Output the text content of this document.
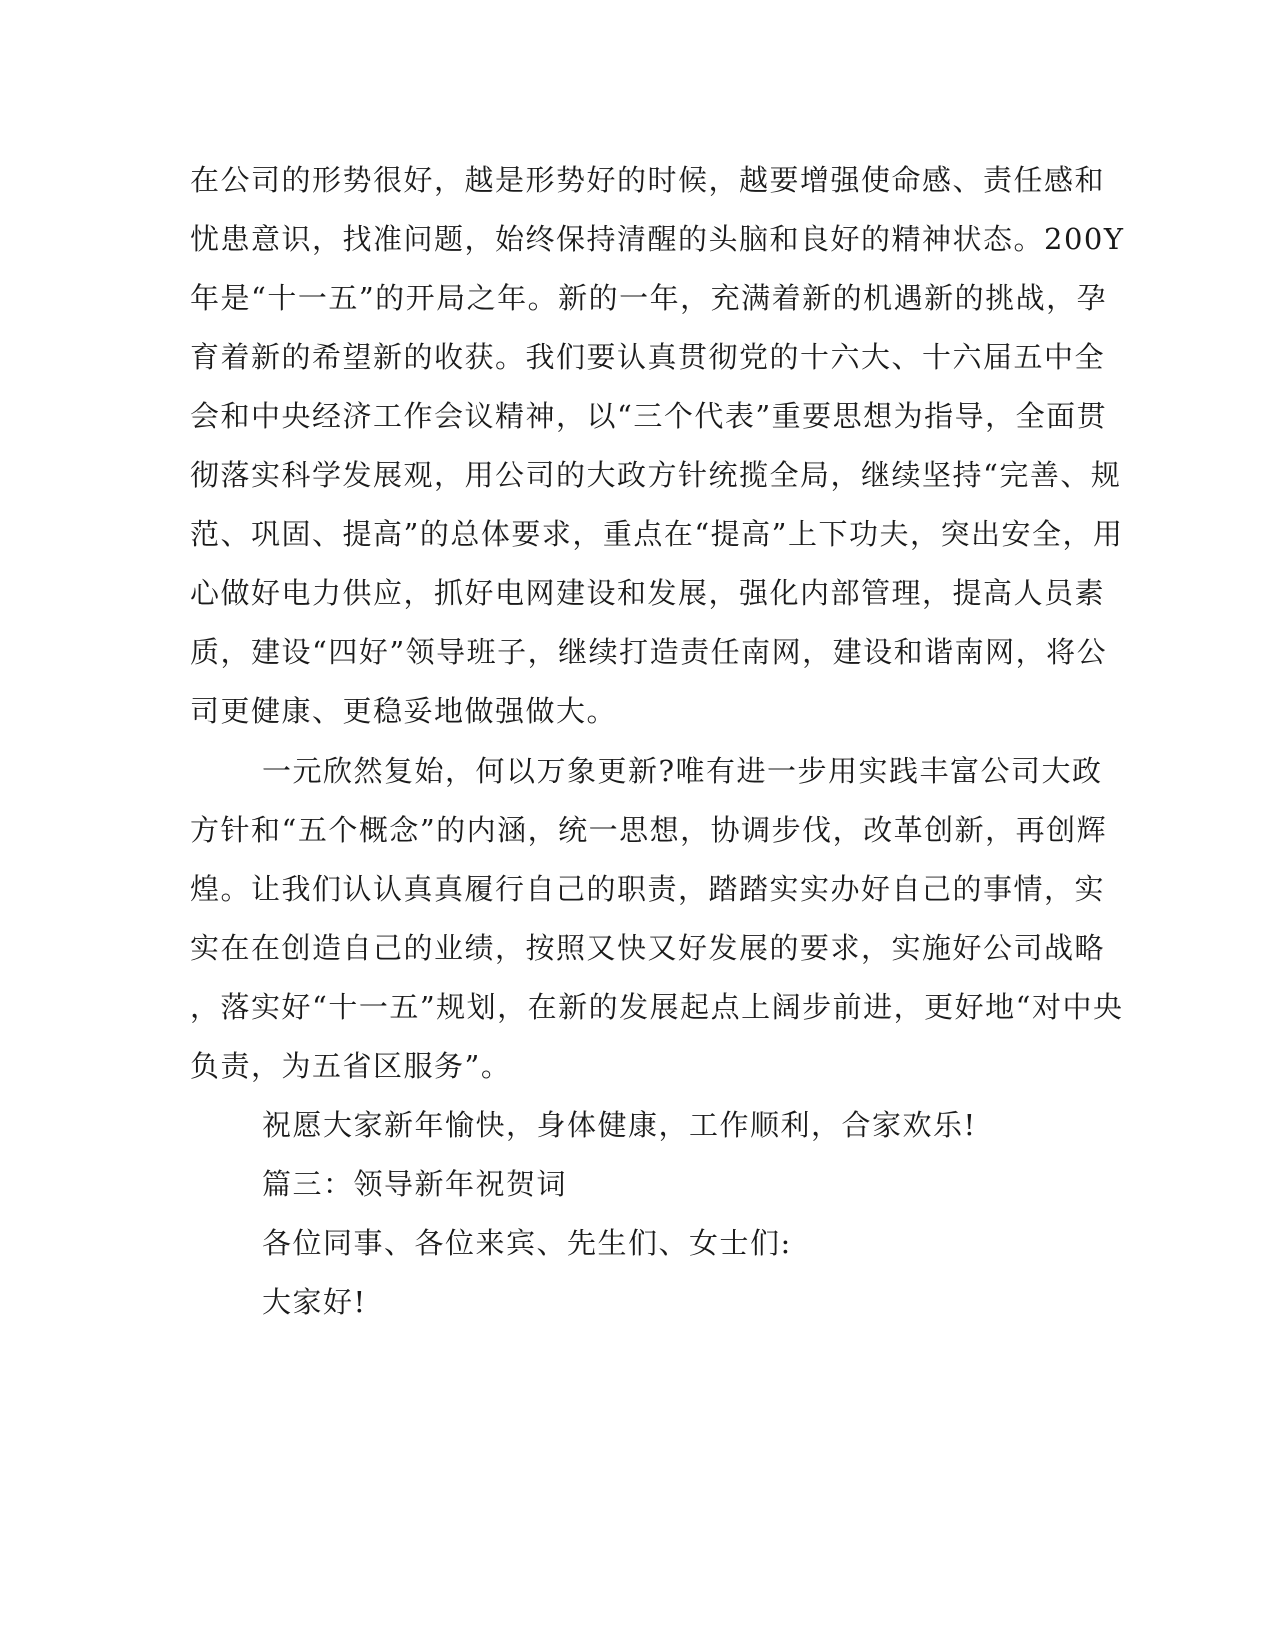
在公司的形势很好，越是形势好的时候，越要增强使命感、责任感和
忧患意识，找准问题，始终保持清醒的头脑和良好的精神状态。200Y
年是“十一五”的开局之年。新的一年，充满着新的机遇新的挑战，孕
育着新的希望新的收获。我们要认真贯彻党的十六大、十六届五中全
会和中央经济工作会议精神，以“三个代表”重要思想为指导，全面贯
彻落实科学发展观，用公司的大政方针统揽全局，继续坚持“完善、规
范、巩固、提高”的总体要求，重点在“提高”上下功夫，突出安全，用
心做好电力供应，抓好电网建设和发展，强化内部管理，提高人员素
质，建设“四好”领导班子，继续打造责任南网，建设和谐南网，将公
司更健康、更稳妥地做强做大。
一元欣然复始，何以万象更新?唯有进一步用实践丰富公司大政
方针和“五个概念”的内涵，统一思想，协调步伐，改革创新，再创辉
煌。让我们认认真真履行自己的职责，踏踏实实办好自己的事情，实
实在在创造自己的业绩，按照又快又好发展的要求，实施好公司战略
，落实好“十一五”规划，在新的发展起点上阔步前进，更好地“对中央
负责，为五省区服务”。
祝愿大家新年愉快，身体健康，工作顺利，合家欢乐!
篇三：领导新年祝贺词
各位同事、各位来宾、先生们、女士们:
大家好!
